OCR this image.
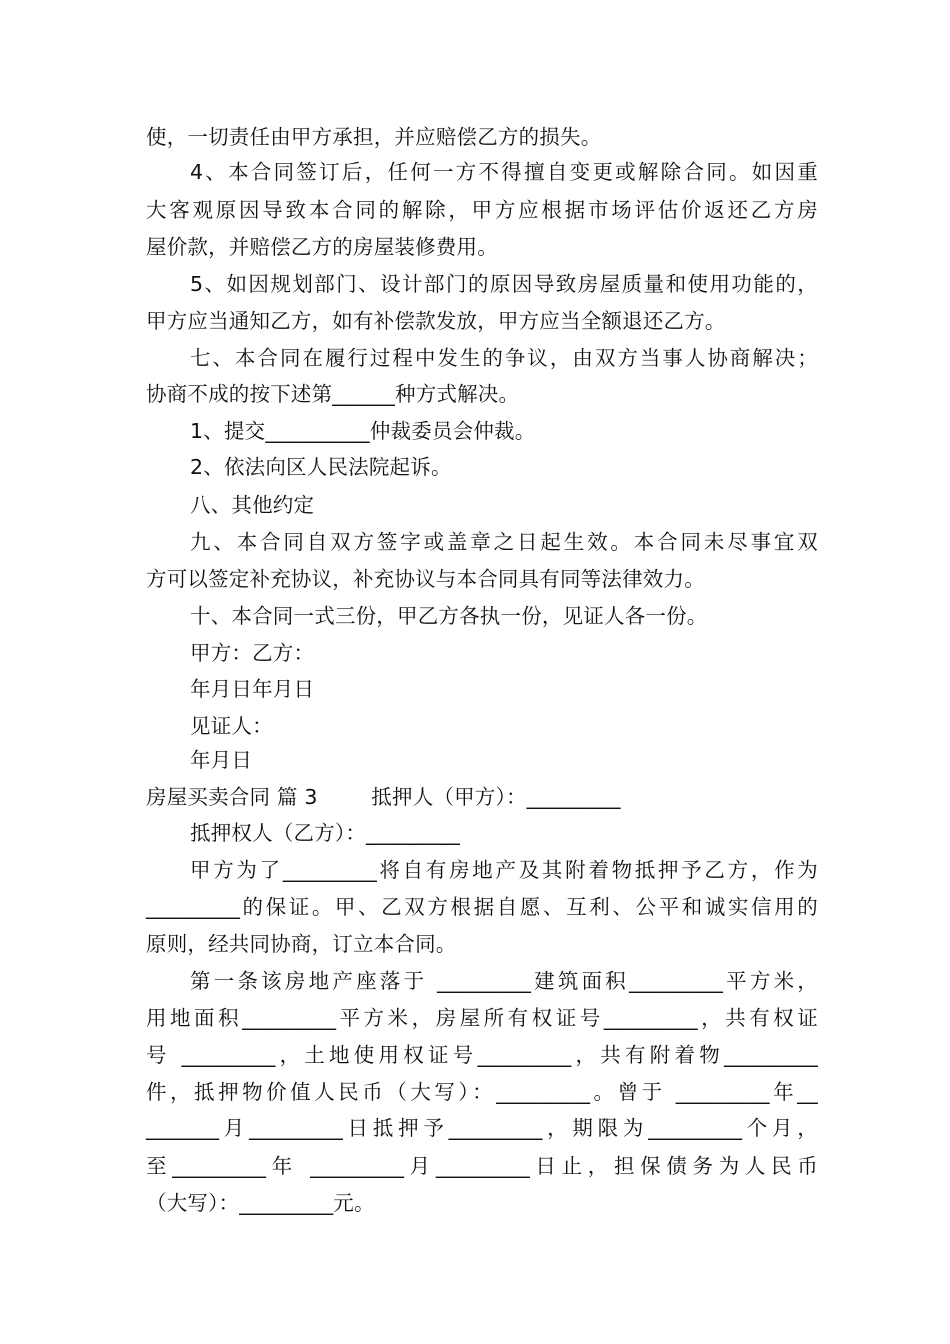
使，一切责任由甲方承担，并应赔偿乙方的损失。
4、本合同签订后，任何一方不得擅自变更或解除合同。如因重
大客观原因导致本合同的解除，甲方应根据市场评估价返还乙方房
屋价款，并赔偿乙方的房屋装修费用。
5、如因规划部门、设计部门的原因导致房屋质量和使用功能的，
甲方应当通知乙方，如有补偿款发放，甲方应当全额退还乙方。
七、本合同在履行过程中发生的争议，由双方当事人协商解决；
协商不成的按下述第______种方式解决。
1、提交__________仲裁委员会仲裁。
2、依法向区人民法院起诉。
八、其他约定
九、本合同自双方签字或盖章之日起生效。本合同未尽事宜双
方可以签定补充协议，补充协议与本合同具有同等法律效力。
十、本合同一式三份，甲乙方各执一份，见证人各一份。
甲方：乙方：
年月日年月日
见证人：
年月日
房屋买卖合同 篇 3        抵押人（甲方）：_________
抵押权人（乙方）：_________
甲方为了_________将自有房地产及其附着物抵押予乙方，作为
_________的保证。甲、乙双方根据自愿、互利、公平和诚实信用的
原则，经共同协商，订立本合同。
第一条该房地产座落于 _________建筑面积_________平方米，
用地面积_________平方米，房屋所有权证号_________，共有权证
号 _________，土地使用权证号_________，共有附着物_________
件，抵押物价值人民币（大写）：_________。曾于 _________年__
_______月_________日抵押予_________，期限为_________个月，
至_________年 _________月_________日止，担保债务为人民币
（大写）：_________元。
